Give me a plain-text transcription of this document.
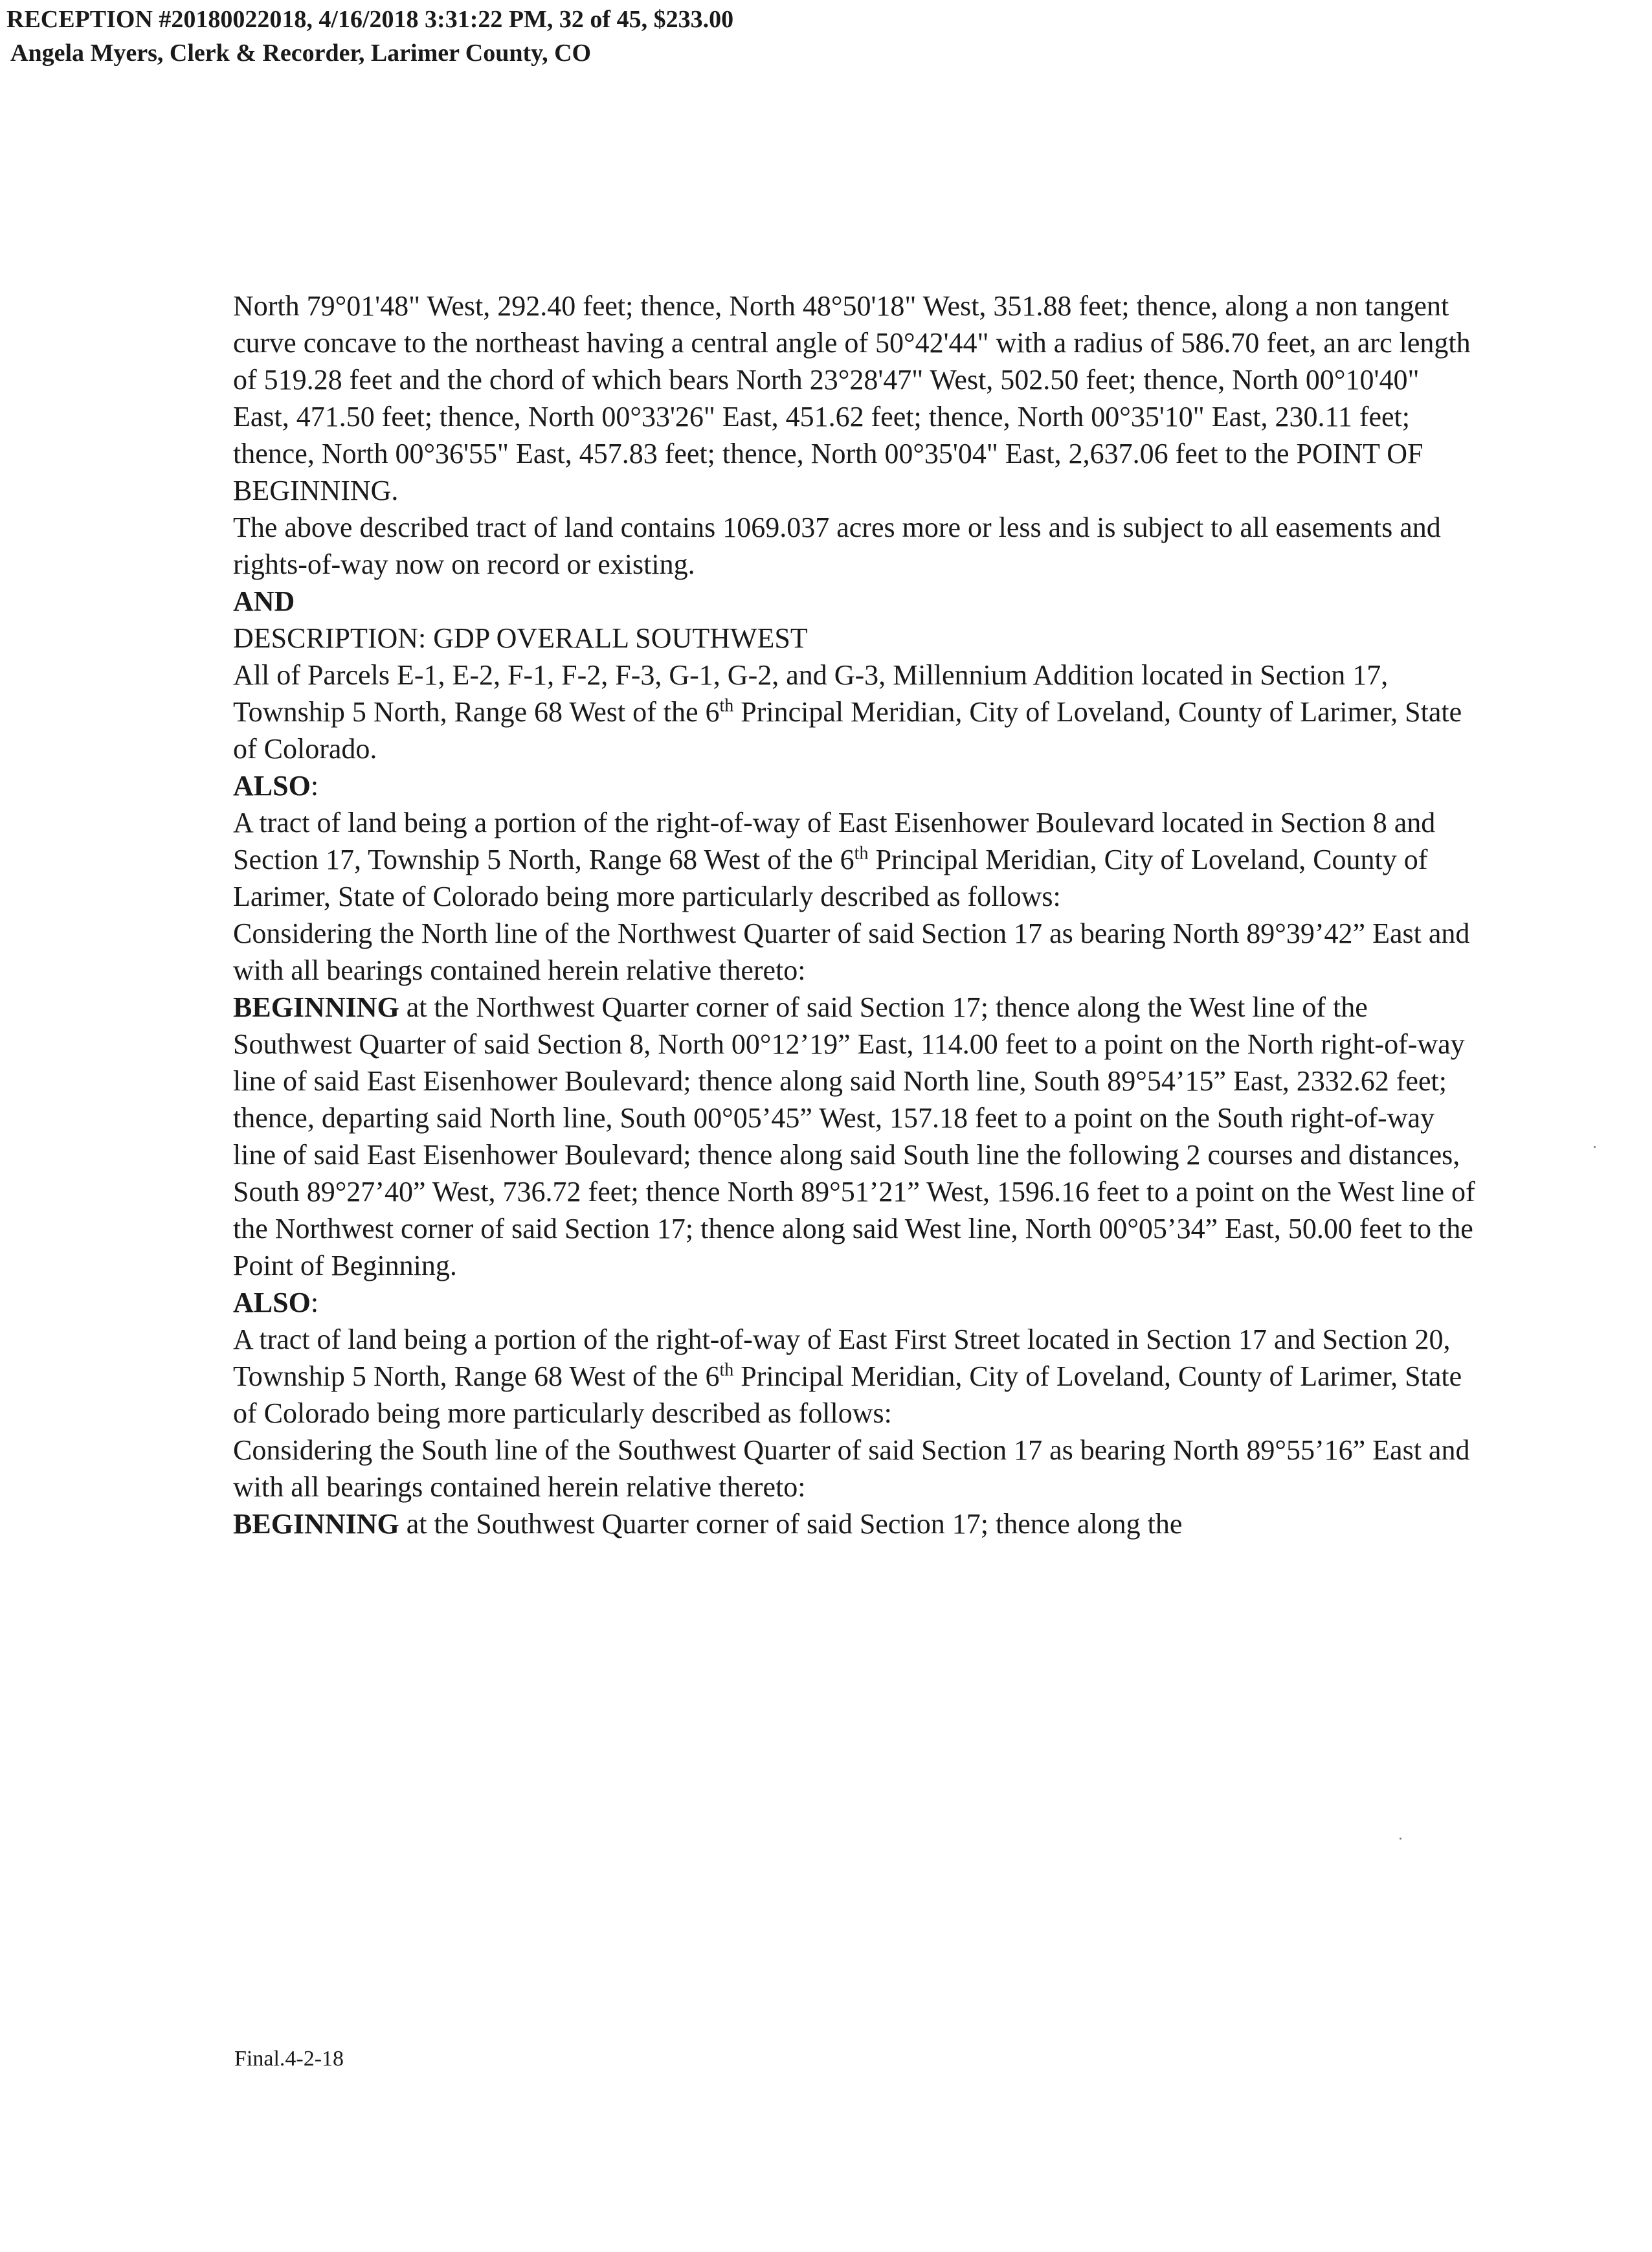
RECEPTION #20180022018, 4/16/2018 3:31:22 PM, 32 of 45, $233.00
Angela Myers, Clerk & Recorder, Larimer County, CO

North 79°01'48" West, 292.40 feet; thence, North 48°50'18" West, 351.88 feet; thence, along a non tangent curve concave to the northeast having a central angle of 50°42'44" with a radius of 586.70 feet, an arc length of 519.28 feet and the chord of which bears North 23°28'47" West, 502.50 feet; thence, North 00°10'40" East, 471.50 feet; thence, North 00°33'26" East, 451.62 feet; thence, North 00°35'10" East, 230.11 feet; thence, North 00°36'55" East, 457.83 feet; thence, North 00°35'04" East, 2,637.06 feet to the POINT OF BEGINNING.

The above described tract of land contains 1069.037 acres more or less and is subject to all easements and rights-of-way now on record or existing.

AND

DESCRIPTION: GDP OVERALL SOUTHWEST

All of Parcels E-1, E-2, F-1, F-2, F-3, G-1, G-2, and G-3, Millennium Addition located in Section 17, Township 5 North, Range 68 West of the 6th Principal Meridian, City of Loveland, County of Larimer, State of Colorado.

ALSO:

A tract of land being a portion of the right-of-way of East Eisenhower Boulevard located in Section 8 and Section 17, Township 5 North, Range 68 West of the 6th Principal Meridian, City of Loveland, County of Larimer, State of Colorado being more particularly described as follows:

Considering the North line of the Northwest Quarter of said Section 17 as bearing North 89°39’42” East and with all bearings contained herein relative thereto:

BEGINNING at the Northwest Quarter corner of said Section 17; thence along the West line of the Southwest Quarter of said Section 8, North 00°12’19” East, 114.00 feet to a point on the North right-of-way line of said East Eisenhower Boulevard; thence along said North line, South 89°54’15” East, 2332.62 feet; thence, departing said North line, South 00°05’45” West, 157.18 feet to a point on the South right-of-way line of said East Eisenhower Boulevard; thence along said South line the following 2 courses and distances, South 89°27’40” West, 736.72 feet; thence North 89°51’21” West, 1596.16 feet to a point on the West line of the Northwest corner of said Section 17; thence along said West line, North 00°05’34” East, 50.00 feet to the Point of Beginning.

ALSO:

A tract of land being a portion of the right-of-way of East First Street located in Section 17 and Section 20, Township 5 North, Range 68 West of the 6th Principal Meridian, City of Loveland, County of Larimer, State of Colorado being more particularly described as follows:

Considering the South line of the Southwest Quarter of said Section 17 as bearing North 89°55’16” East and with all bearings contained herein relative thereto:

BEGINNING at the Southwest Quarter corner of said Section 17; thence along the

Final.4-2-18
